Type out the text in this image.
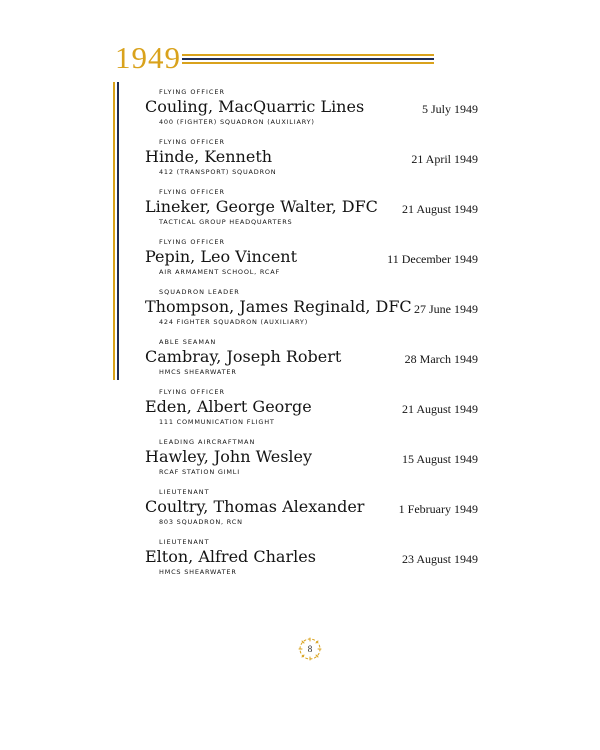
1949
FLYING OFFICER
Couling, MacQuarric Lines
400 (FIGHTER) SQUADRON (AUXILIARY)
5 July 1949
FLYING OFFICER
Hinde, Kenneth
412 (TRANSPORT) SQUADRON
21 April 1949
FLYING OFFICER
Lineker, George Walter, DFC
TACTICAL GROUP HEADQUARTERS
21 August 1949
FLYING OFFICER
Pepin, Leo Vincent
AIR ARMAMENT SCHOOL, RCAF
11 December 1949
SQUADRON LEADER
Thompson, James Reginald, DFC
424 FIGHTER SQUADRON (AUXILIARY)
27 June 1949
ABLE SEAMAN
Cambray, Joseph Robert
HMCS SHEARWATER
28 March 1949
FLYING OFFICER
Eden, Albert George
111 COMMUNICATION FLIGHT
21 August 1949
LEADING AIRCRAFTMAN
Hawley, John Wesley
RCAF STATION GIMLI
15 August 1949
LIEUTENANT
Coultry, Thomas Alexander
803 SQUADRON, RCN
1 February 1949
LIEUTENANT
Elton, Alfred Charles
HMCS SHEARWATER
23 August 1949
8
